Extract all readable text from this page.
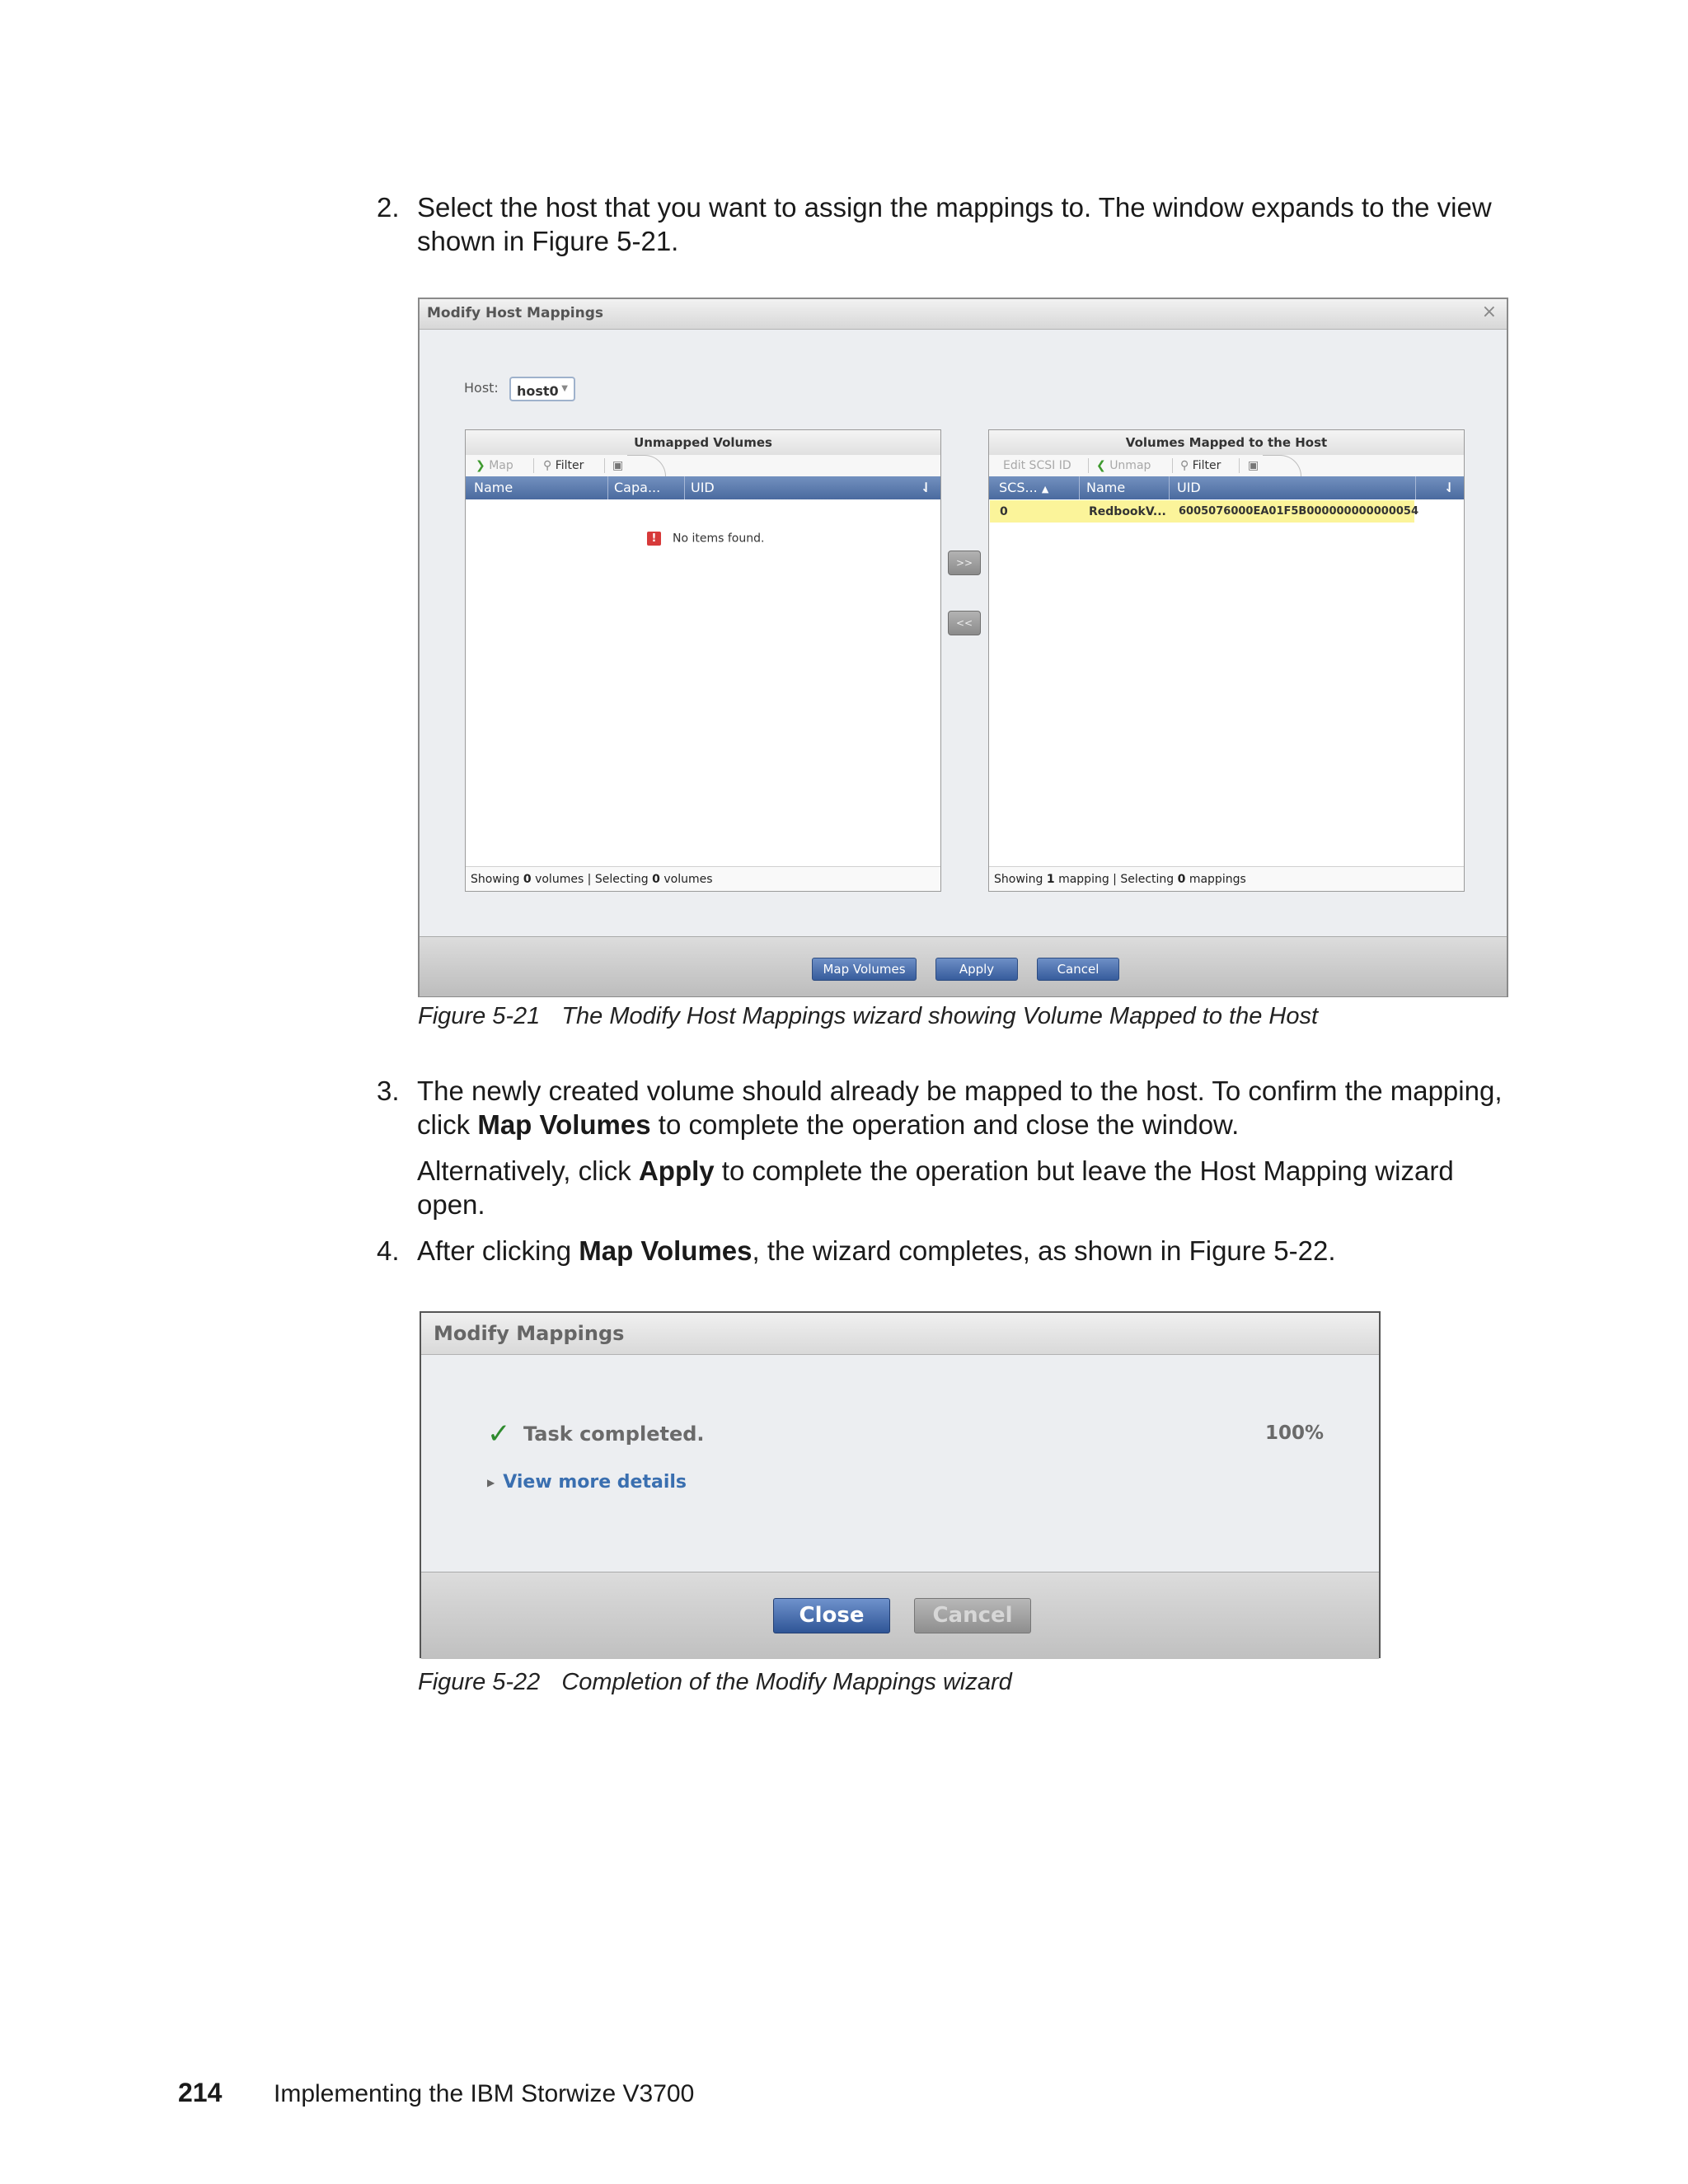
2. Select the host that you want to assign the mappings to. The window expands to the view
shown in Figure 5-21.
Modify Host Mappings	×
Host: host0 ▼
Unmapped Volumes
❯ Map	⚲ Filter ▣
Name	Capa... UID	⇃
! No items found.
Showing 0 volumes | Selecting 0 volumes
>>
<<
Volumes Mapped to the Host
Edit SCSI ID ❮ Unmap	⚲ Filter ▣
SCS... ▲	Name	UID	⇃
0	RedbookV... 6005076000EA01F5B000000000000054
Showing 1 mapping | Selecting 0 mappings
Map Volumes	Apply	Cancel
Figure 5-21 The Modify Host Mappings wizard showing Volume Mapped to the Host
3. The newly created volume should already be mapped to the host. To confirm the mapping,
click Map Volumes to complete the operation and close the window.
Alternatively, click Apply to complete the operation but leave the Host Mapping wizard
open.
4. After clicking Map Volumes, the wizard completes, as shown in Figure 5-22.
Modify Mappings
✓ Task completed.	100%
▶ View more details
Close	Cancel
Figure 5-22 Completion of the Modify Mappings wizard
214 Implementing the IBM Storwize V3700
